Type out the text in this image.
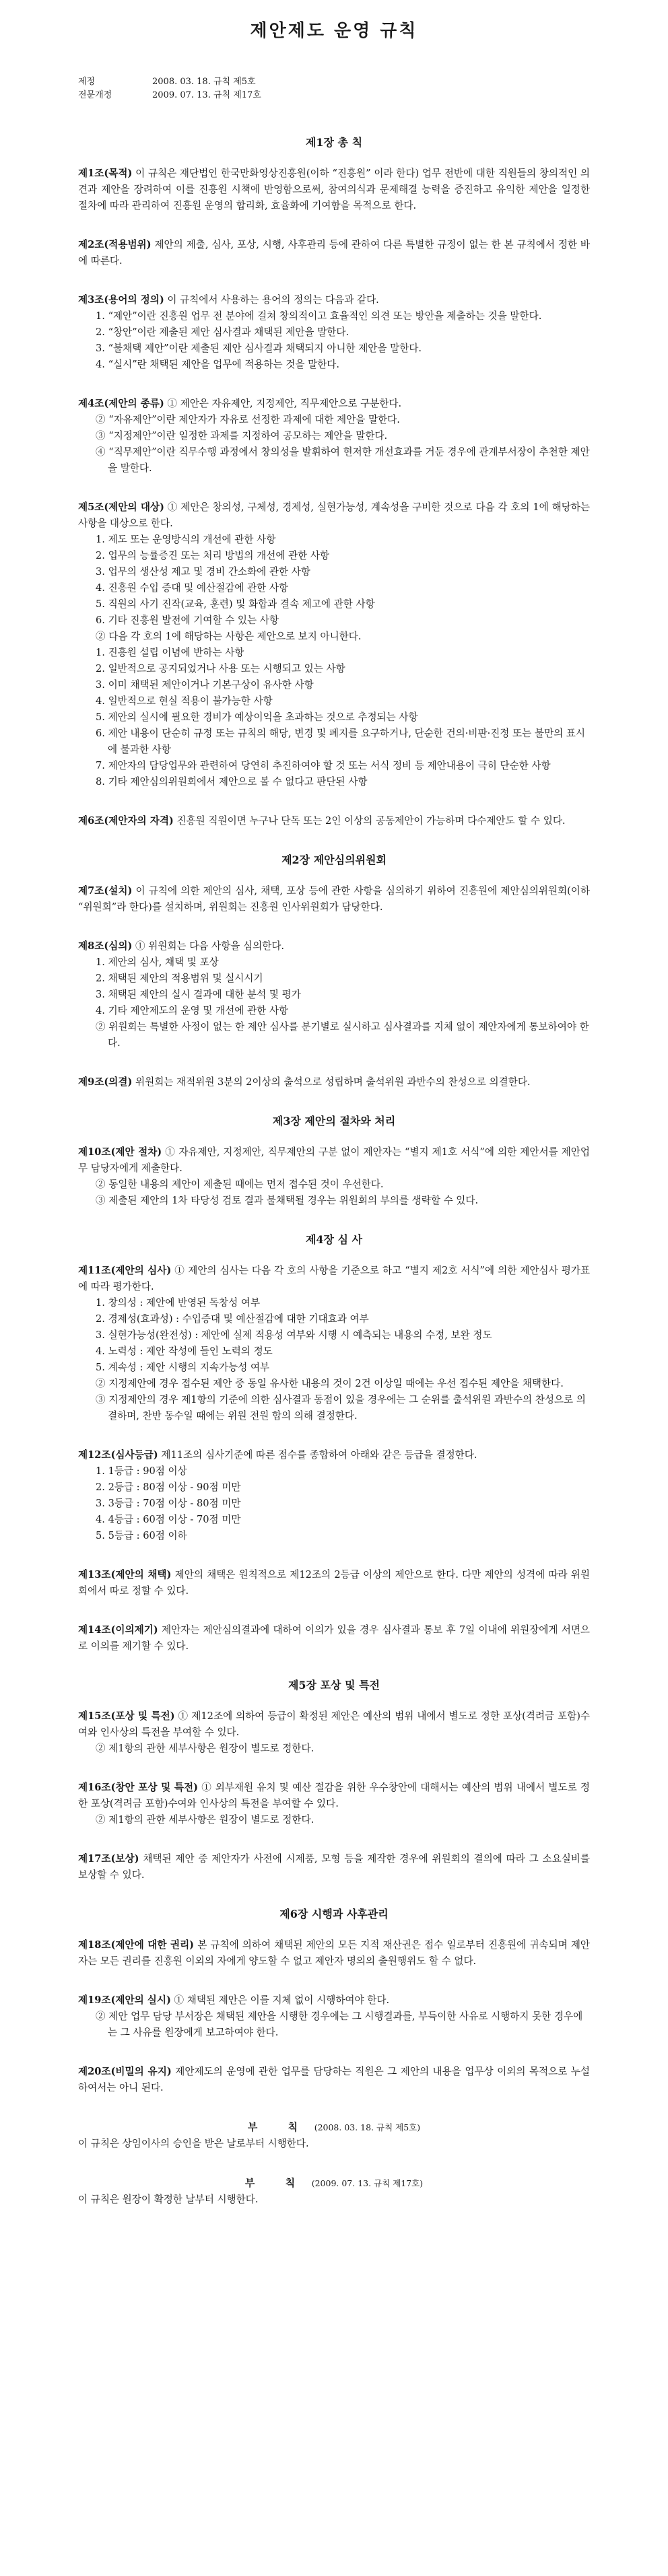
제안제도 운영 규칙

제정	2008. 03. 18. 규칙 제5호

전문개정	2009. 07. 13. 규칙 제17호

제1장 총 칙

제1조(목적) 이 규칙은 재단법인 한국만화영상진흥원(이하 “진흥원” 이라 한다) 업무 전반에 대한 직원들의 창의적인 의견과 제안을 장려하여 이를 진흥원 시책에 반영함으로써, 참여의식과 문제해결 능력을 증진하고 유익한 제안을 일정한 절차에 따라 관리하여 진흥원 운영의 합리화, 효율화에 기여함을 목적으로 한다.

제2조(적용범위) 제안의 제출, 심사, 포상, 시행, 사후관리 등에 관하여 다른 특별한 규정이 없는 한 본 규칙에서 정한 바에 따른다.

제3조(용어의 정의) 이 규칙에서 사용하는 용어의 정의는 다음과 같다.

1. “제안”이란 진흥원 업무 전 분야에 걸쳐 창의적이고 효율적인 의견 또는 방안을 제출하는 것을 말한다.

2. “창안”이란 제출된 제안 심사결과 채택된 제안을 말한다.

3. “불채택 제안”이란 제출된 제안 심사결과 채택되지 아니한 제안을 말한다.

4. “실시”란 채택된 제안을 업무에 적용하는 것을 말한다.

제4조(제안의 종류) ① 제안은 자유제안, 지정제안, 직무제안으로 구분한다.

② “자유제안”이란 제안자가 자유로 선정한 과제에 대한 제안을 말한다.

③ “지정제안”이란 일정한 과제를 지정하여 공모하는 제안을 말한다.

④ “직무제안”이란 직무수행 과정에서 창의성을 발휘하여 현저한 개선효과를 거둔 경우에 관계부서장이 추천한 제안을 말한다.

제5조(제안의 대상) ① 제안은 창의성, 구체성, 경제성, 실현가능성, 계속성을 구비한 것으로 다음 각 호의 1에 해당하는 사항을 대상으로 한다.

1. 제도 또는 운영방식의 개선에 관한 사항

2. 업무의 능률증진 또는 처리 방법의 개선에 관한 사항

3. 업무의 생산성 제고 및 경비 간소화에 관한 사항

4. 진흥원 수입 증대 및 예산절감에 관한 사항

5. 직원의 사기 진작(교육, 훈련) 및 화합과 결속 제고에 관한 사항

6. 기타 진흥원 발전에 기여할 수 있는 사항

② 다음 각 호의 1에 해당하는 사항은 제안으로 보지 아니한다.

1. 진흥원 설립 이념에 반하는 사항

2. 일반적으로 공지되었거나 사용 또는 시행되고 있는 사항

3. 이미 채택된 제안이거나 기본구상이 유사한 사항

4. 일반적으로 현실 적용이 불가능한 사항

5. 제안의 실시에 필요한 경비가 예상이익을 초과하는 것으로 추정되는 사항

6. 제안 내용이 단순히 규정 또는 규칙의 해당, 변경 및 폐지를 요구하거나, 단순한 건의·비판·진정 또는 불만의 표시에 불과한 사항

7. 제안자의 담당업무와 관련하여 당연히 추진하여야 할 것 또는 서식 정비 등 제안내용이 극히 단순한 사항

8. 기타 제안심의위원회에서 제안으로 볼 수 없다고 판단된 사항

제6조(제안자의 자격) 진흥원 직원이면 누구나 단독 또는 2인 이상의 공동제안이 가능하며 다수제안도 할 수 있다.

제2장 제안심의위원회

제7조(설치) 이 규칙에 의한 제안의 심사, 채택, 포상 등에 관한 사항을 심의하기 위하여 진흥원에 제안심의위원회(이하 “위원회”라 한다)를 설치하며, 위원회는 진흥원 인사위원회가 담당한다.

제8조(심의) ① 위원회는 다음 사항을 심의한다.

1. 제안의 심사, 채택 및 포상

2. 채택된 제안의 적용범위 및 실시시기

3. 채택된 제안의 실시 결과에 대한 분석 및 평가

4. 기타 제안제도의 운영 및 개선에 관한 사항

② 위원회는 특별한 사정이 없는 한 제안 심사를 분기별로 실시하고 심사결과를 지체 없이 제안자에게 통보하여야 한다.

제9조(의결) 위원회는 재적위원 3분의 2이상의 출석으로 성립하며 출석위원 과반수의 찬성으로 의결한다.

제3장 제안의 절차와 처리

제10조(제안 절차) ① 자유제안, 지정제안, 직무제안의 구분 없이 제안자는 “별지 제1호 서식”에 의한 제안서를 제안업무 담당자에게 제출한다.

② 동일한 내용의 제안이 제출된 때에는 먼저 접수된 것이 우선한다.

③ 제출된 제안의 1차 타당성 검토 결과 불채택될 경우는 위원회의 부의를 생략할 수 있다.

제4장 심 사

제11조(제안의 심사) ① 제안의 심사는 다음 각 호의 사항을 기준으로 하고 “별지 제2호 서식”에 의한 제안심사 평가표에 따라 평가한다.

1. 창의성 : 제안에 반영된 독창성 여부

2. 경제성(효과성) : 수입증대 및 예산절감에 대한 기대효과 여부

3. 실현가능성(완전성) : 제안에 실제 적용성 여부와 시행 시 예측되는 내용의 수정, 보완 정도

4. 노력성 : 제안 작성에 들인 노력의 정도

5. 계속성 : 제안 시행의 지속가능성 여부

② 지정제안에 경우 접수된 제안 중 동일 유사한 내용의 것이 2건 이상일 때에는 우선 접수된 제안을 채택한다.

③ 지정제안의 경우 제1항의 기준에 의한 심사결과 동점이 있을 경우에는 그 순위를 출석위원 과반수의 찬성으로 의결하며, 찬반 동수일 때에는 위원 전원 합의 의해 결정한다.

제12조(심사등급) 제11조의 심사기준에 따른 점수를 종합하여 아래와 같은 등급을 결정한다.

1. 1등급 : 90점 이상

2. 2등급 : 80점 이상 - 90점 미만

3. 3등급 : 70점 이상 - 80점 미만

4. 4등급 : 60점 이상 - 70점 미만

5. 5등급 : 60점 이하

제13조(제안의 채택) 제안의 채택은 원칙적으로 제12조의 2등급 이상의 제안으로 한다. 다만 제안의 성격에 따라 위원회에서 따로 정할 수 있다.

제14조(이의제기) 제안자는 제안심의결과에 대하여 이의가 있을 경우 심사결과 통보 후 7일 이내에 위원장에게 서면으로 이의를 제기할 수 있다.

제5장 포상 및 특전

제15조(포상 및 특전) ① 제12조에 의하여 등급이 확정된 제안은 예산의 범위 내에서 별도로 정한 포상(격려금 포함)수여와 인사상의 특전을 부여할 수 있다.

② 제1항의 관한 세부사항은 원장이 별도로 정한다.

제16조(창안 포상 및 특전) ① 외부재원 유치 및 예산 절감을 위한 우수창안에 대해서는 예산의 범위 내에서 별도로 정한 포상(격려금 포함)수여와 인사상의 특전을 부여할 수 있다.

② 제1항의 관한 세부사항은 원장이 별도로 정한다.

제17조(보상) 채택된 제안 중 제안자가 사전에 시제품, 모형 등을 제작한 경우에 위원회의 결의에 따라 그 소요실비를 보상할 수 있다.

제6장 시행과 사후관리

제18조(제안에 대한 권리) 본 규칙에 의하여 채택된 제안의 모든 지적 재산권은 접수 일로부터 진흥원에 귀속되며 제안자는 모든 권리를 진흥원 이외의 자에게 양도할 수 없고 제안자 명의의 출원행위도 할 수 없다.

제19조(제안의 실시) ① 채택된 제안은 이를 지체 없이 시행하여야 한다.

② 제안 업무 담당 부서장은 채택된 제안을 시행한 경우에는 그 시행결과를, 부득이한 사유로 시행하지 못한 경우에는 그 사유를 원장에게 보고하여야 한다.

제20조(비밀의 유지) 제안제도의 운영에 관한 업무를 담당하는 직원은 그 제안의 내용을 업무상 이외의 목적으로 누설하여서는 아니 된다.

부 칙 (2008. 03. 18. 규칙 제5호)

이 규칙은 상임이사의 승인을 받은 날로부터 시행한다.

부 칙 (2009. 07. 13. 규칙 제17호)

이 규칙은 원장이 확정한 날부터 시행한다.
